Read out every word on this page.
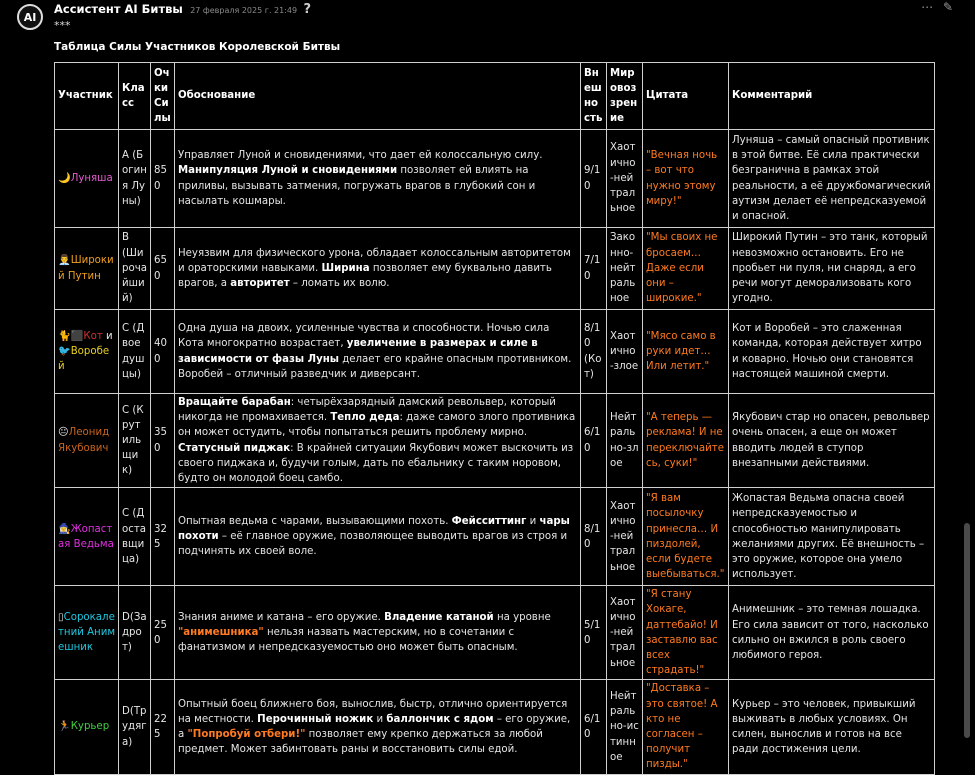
AI
Ассистент AI Битвы 27 февраля 2025 г. 21:49 ?	⋯ ✎
***
Таблица Силы Участников Королевской Битвы
Участник	Класс	Очки Силы	Обоснование	Внешность	Мировоззрение	Цитата	Комментарий
🌙Луняша	A (Богиня Луны)	850	Управляет Луной и сновидениями, что дает ей колоссальную силу. Манипуляция Луной и сновидениями позволяет ей влиять на приливы, вызывать затмения, погружать врагов в глубокий сон и насылать кошмары.	9/10	Хаотично-нейтральное	"Вечная ночь – вот что нужно этому миру!"	Луняша – самый опасный противник в этой битве. Её сила практически безгранична в рамках этой реальности, а её дружбомагический аутизм делает её непредсказуемой и опасной.
👨‍💼Широкий Путин	B (Широчайший)	650	Неуязвим для физического урона, обладает колоссальным авторитетом и ораторскими навыками. Ширина позволяет ему буквально давить врагов, а авторитет – ломать их волю.	7/10	Законно-нейтральное	"Мы своих не бросаем… Даже если они – широкие."	Широкий Путин – это танк, который невозможно остановить. Его не пробьет ни пуля, ни снаряд, а его речи могут деморализовать кого угодно.
🐈⬛Кот и 🐦Воробей	C (Двоедушцы)	400	Одна душа на двоих, усиленные чувства и способности. Ночью сила Кота многократно возрастает, увеличение в размерах и силе в зависимости от фазы Луны делает его крайне опасным противником. Воробей – отличный разведчик и диверсант.	8/10 (Кот)	Хаотично-злое	"Мясо само в руки идет… Или летит."	Кот и Воробей – это слаженная команда, которая действует хитро и коварно. Ночью они становятся настоящей машиной смерти.
😐Леонид Якубович	C (Крутильщик)	350	Вращайте барабан: четырёхзарядный дамский револьвер, который никогда не промахивается. Тепло деда: даже самого злого противника он может остудить, чтобы попытаться решить проблему мирно. Статусный пиджак: В крайней ситуации Якубович может выскочить из своего пиджака и, будучи голым, дать по ебальнику с таким норовом, будто он молодой боец самбо.	6/10	Нейтрально-злое	"А теперь — реклама! И не переключайтесь, суки!"	Якубович стар но опасен, револьвер очень опасен, а еще он может вводить людей в ступор внезапными действиями.
🧙‍♀️Жопастая Ведьма	C (Доставщица)	325	Опытная ведьма с чарами, вызывающими похоть. Фейсситтинг и чары похоти – её главное оружие, позволяющее выводить врагов из строя и подчинять их своей воле.	8/10	Хаотично-нейтральное	"Я вам посылочку принесла… И пиздолей, если будете выебываться."	Жопастая Ведьма опасна своей непредсказуемостью и способностью манипулировать желаниями других. Её внешность – это оружие, которое она умело использует.
▯Сорокалетний Анимешник	D(Задрот)	250	Знания аниме и катана – его оружие. Владение катаной на уровне "анимешника" нельзя назвать мастерским, но в сочетании с фанатизмом и непредсказуемостью оно может быть опасным.	5/10	Хаотично-нейтральное	"Я стану Хокаге, даттебайо! И заставлю вас всех страдать!"	Анимешник – это темная лошадка. Его сила зависит от того, насколько сильно он вжился в роль своего любимого героя.
🏃Курьер	D(Трудяга)	225	Опытный боец ближнего боя, вынослив, быстр, отлично ориентируется на местности. Перочинный ножик и баллончик с ядом – его оружие, а "Попробуй отбери!" позволяет ему крепко держаться за любой предмет. Может забинтовать раны и восстановить силы едой.	6/10	Нейтрально-истинное	"Доставка – это святое! А кто не согласен – получит пизды."	Курьер – это человек, привыкший выживать в любых условиях. Он силен, вынослив и готов на все ради достижения цели.
